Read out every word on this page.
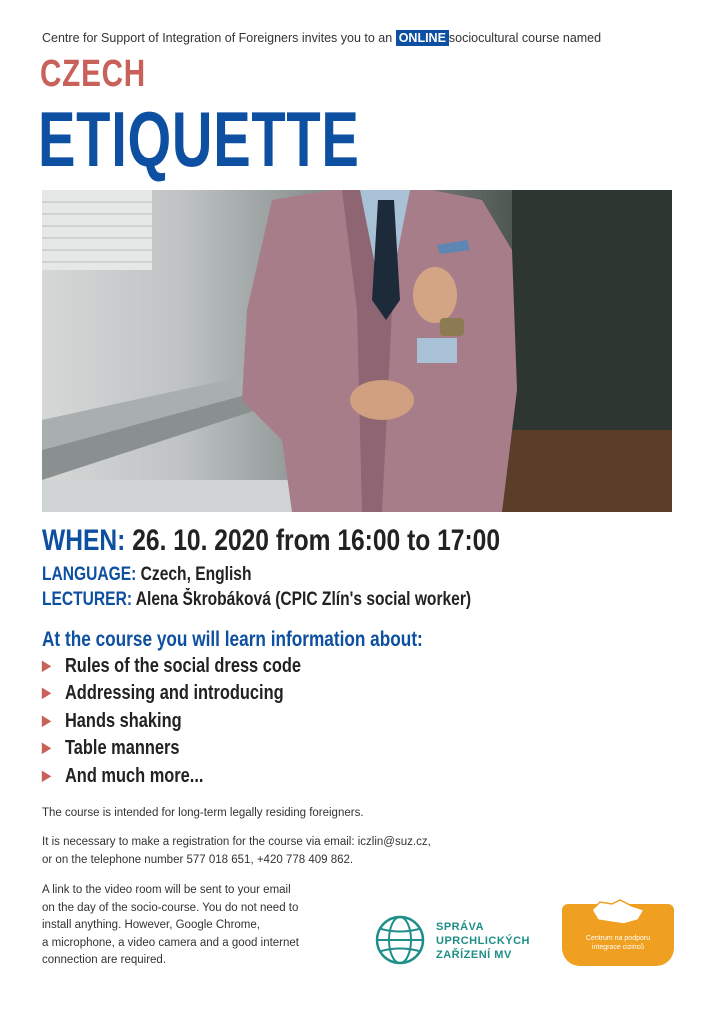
Centre for Support of Integration of Foreigners invites you to an ONLINE sociocultural course named
CZECH
ETIQUETTE
WHEN: 26. 10. 2020 from 16:00 to 17:00
LANGUAGE: Czech, English
LECTURER: Alena Škrobáková (CPIC Zlín's social worker)
At the course you will learn information about:
▶ Rules of the social dress code
▶ Addressing and introducing
▶ Hands shaking
▶ Table manners
▶ And much more...
The course is intended for long-term legally residing foreigners.
It is necessary to make a registration for the course via email: iczlin@suz.cz,
or on the telephone number 577 018 651, +420 778 409 862.
A link to the video room will be sent to your email
on the day of the socio-course. You do not need to
install anything. However, Google Chrome,
a microphone, a video camera and a good internet
connection are required.
SPRÁVA
UPRCHLICKÝCH
ZAŘÍZENÍ MV
Centrum na podporu
integrace cizinců
